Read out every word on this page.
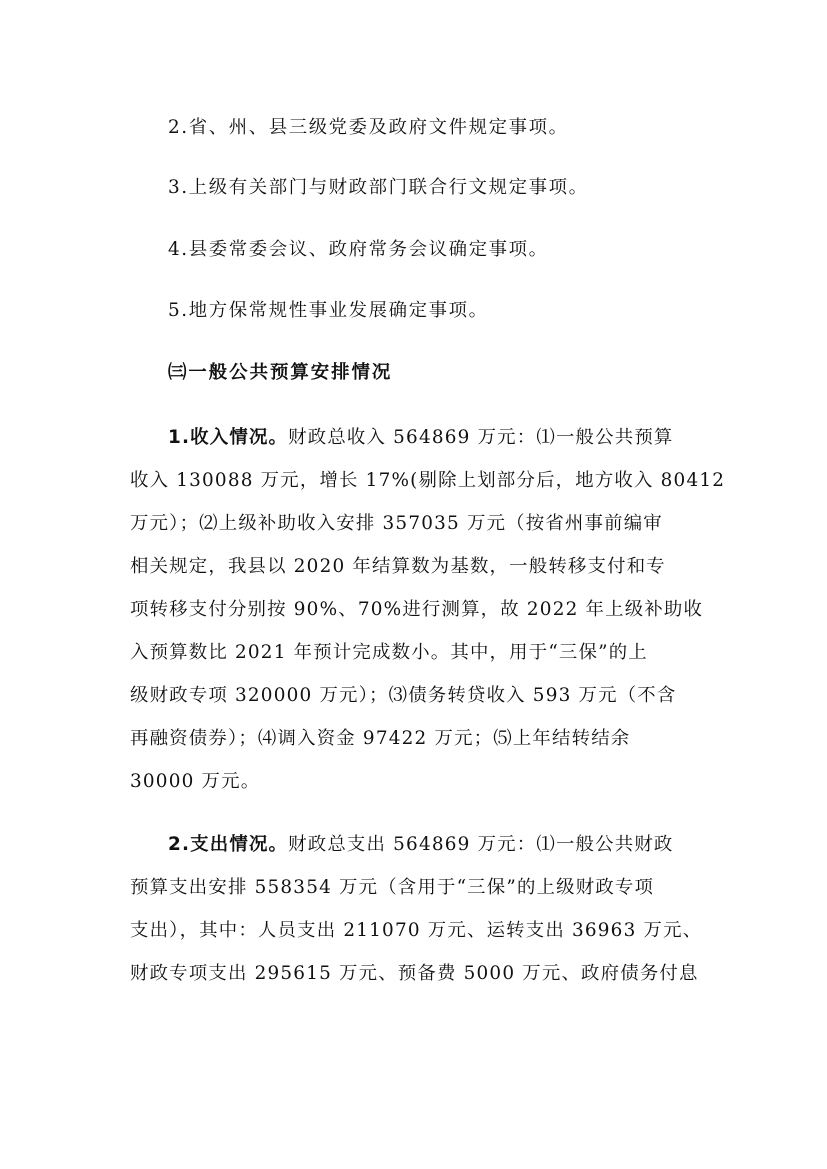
2.省、州、县三级党委及政府文件规定事项。
3.上级有关部门与财政部门联合行文规定事项。
4.县委常委会议、政府常务会议确定事项。
5.地方保常规性事业发展确定事项。
㈢一般公共预算安排情况
1.收入情况。财政总收入 564869 万元：⑴一般公共预算
收入 130088 万元，增长 17%(剔除上划部分后，地方收入 80412
万元）；⑵上级补助收入安排 357035 万元（按省州事前编审
相关规定，我县以 2020 年结算数为基数，一般转移支付和专
项转移支付分别按 90%、70%进行测算，故 2022 年上级补助收
入预算数比 2021 年预计完成数小。其中，用于“三保”的上
级财政专项 320000 万元）；⑶债务转贷收入 593 万元（不含
再融资债券）；⑷调入资金 97422 万元；⑸上年结转结余
30000 万元。
2.支出情况。财政总支出 564869 万元：⑴一般公共财政
预算支出安排 558354 万元（含用于“三保”的上级财政专项
支出），其中：人员支出 211070 万元、运转支出 36963 万元、
财政专项支出 295615 万元、预备费 5000 万元、政府债务付息
